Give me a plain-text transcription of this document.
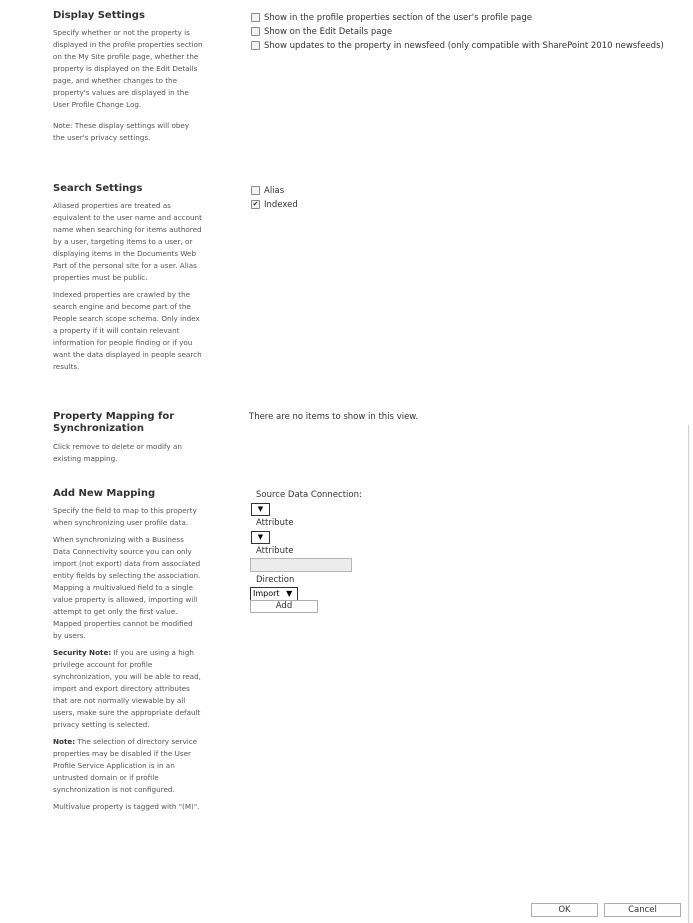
Display Settings

Specify whether or not the property is displayed in the profile properties section on the My Site profile page, whether the property is displayed on the Edit Details page, and whether changes to the property's values are displayed in the User Profile Change Log.

Note: These display settings will obey the user's privacy settings.

Show in the profile properties section of the user's profile page
Show on the Edit Details page
Show updates to the property in newsfeed (only compatible with SharePoint 2010 newsfeeds)
Search Settings

Aliased properties are treated as equivalent to the user name and account name when searching for items authored by a user, targeting items to a user, or displaying items in the Documents Web Part of the personal site for a user. Alias properties must be public.

Indexed properties are crawled by the search engine and become part of the People search scope schema. Only index a property if it will contain relevant information for people finding or if you want the data displayed in people search results.

Alias
✔ Indexed
Property Mapping for Synchronization

Click remove to delete or modify an existing mapping.

There are no items to show in this view.
Add New Mapping

Specify the field to map to this property when synchronizing user profile data.

When synchronizing with a Business Data Connectivity source you can only import (not export) data from associated entity fields by selecting the association. Mapping a multivalued field to a single value property is allowed, importing will attempt to get only the first value. Mapped properties cannot be modified by users.

Security Note: If you are using a high privilege account for profile synchronization, you will be able to read, import and export directory attributes that are not normally viewable by all users, make sure the appropriate default privacy setting is selected.

Note: The selection of directory service properties may be disabled if the User Profile Service Application is in an untrusted domain or if profile synchronization is not configured.

Multivalue property is tagged with "(M)".

Source Data Connection:
▼
Attribute
▼
Attribute
Direction
Import ▼
Add
OK	Cancel
